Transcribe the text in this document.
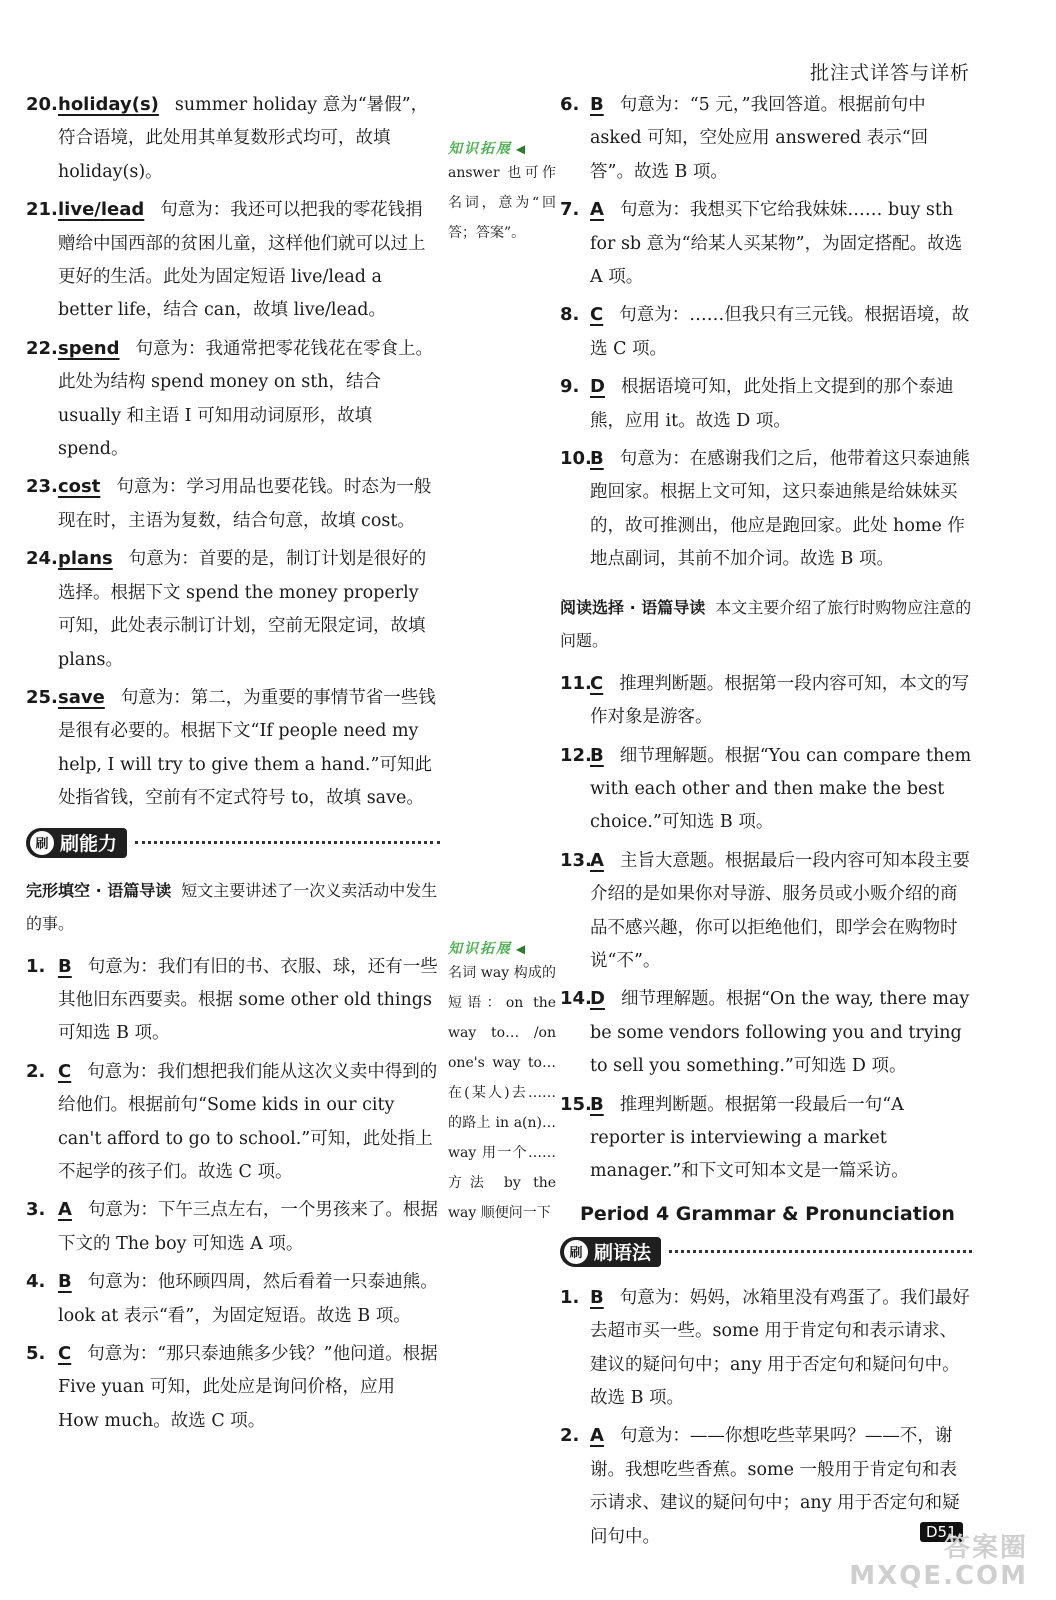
批注式详答与详析
20. holiday(s) summer holiday 意为“暑假”，符合语境，此处用其单复数形式均可，故填 holiday(s)。
21. live/lead 句意为：我还可以把我的零花钱捐赠给中国西部的贫困儿童，这样他们就可以过上更好的生活。此处为固定短语 live/lead a better life，结合 can，故填 live/lead。
22. spend 句意为：我通常把零花钱花在零食上。此处为结构 spend money on sth，结合 usually 和主语 I 可知用动词原形，故填 spend。
23. cost 句意为：学习用品也要花钱。时态为一般现在时，主语为复数，结合句意，故填 cost。
24. plans 句意为：首要的是，制订计划是很好的选择。根据下文 spend the money properly 可知，此处表示制订计划，空前无限定词，故填 plans。
25. save 句意为：第二，为重要的事情节省一些钱是很有必要的。根据下文“If people need my help, I will try to give them a hand.”可知此处指省钱，空前有不定式符号 to，故填 save。
刷 刷能力
完形填空 · 语篇导读 短文主要讲述了一次义卖活动中发生的事。
1. B 句意为：我们有旧的书、衣服、球，还有一些其他旧东西要卖。根据 some other old things 可知选 B 项。
2. C 句意为：我们想把我们能从这次义卖中得到的给他们。根据前句“Some kids in our city can't afford to go to school.”可知，此处指上不起学的孩子们。故选 C 项。
3. A 句意为：下午三点左右，一个男孩来了。根据下文的 The boy 可知选 A 项。
4. B 句意为：他环顾四周，然后看着一只泰迪熊。look at 表示“看”，为固定短语。故选 B 项。
5. C 句意为：“那只泰迪熊多少钱？”他问道。根据 Five yuan 可知，此处应是询问价格，应用 How much。故选 C 项。
知识拓展 ◀
answer 也可作名词，意为“回答；答案”。
知识拓展 ◀
名词 way 构成的短语：on the way to… /on one's way to… 在(某人)去……的路上 in a(n)… way 用一个……方法 by the way 顺便问一下
6. B 句意为：“5 元，”我回答道。根据前句中 asked 可知，空处应用 answered 表示“回答”。故选 B 项。
7. A 句意为：我想买下它给我妹妹…… buy sth for sb 意为“给某人买某物”，为固定搭配。故选 A 项。
8. C 句意为：……但我只有三元钱。根据语境，故选 C 项。
9. D 根据语境可知，此处指上文提到的那个泰迪熊，应用 it。故选 D 项。
10.
B 句意为：在感谢我们之后，他带着这只泰迪熊跑回家。根据上文可知，这只泰迪熊是给妹妹买的，故可推测出，他应是跑回家。此处 home 作地点副词，其前不加介词。故选 B 项。
阅读选择 · 语篇导读 本文主要介绍了旅行时购物应注意的问题。
11.
C 推理判断题。根据第一段内容可知，本文的写作对象是游客。
12.
B 细节理解题。根据“You can compare them with each other and then make the best choice.”可知选 B 项。
13.
A 主旨大意题。根据最后一段内容可知本段主要介绍的是如果你对导游、服务员或小贩介绍的商品不感兴趣，你可以拒绝他们，即学会在购物时说“不”。
14.
D 细节理解题。根据“On the way, there may be some vendors following you and trying to sell you something.”可知选 D 项。
15.
B 推理判断题。根据第一段最后一句“A reporter is interviewing a market manager.”和下文可知本文是一篇采访。
Period 4 Grammar & Pronunciation
刷 刷语法
1. B 句意为：妈妈，冰箱里没有鸡蛋了。我们最好去超市买一些。some 用于肯定句和表示请求、建议的疑问句中；any 用于否定句和疑问句中。故选 B 项。
2. A 句意为：——你想吃些苹果吗？——不，谢谢。我想吃些香蕉。some 一般用于肯定句和表示请求、建议的疑问句中；any 用于否定句和疑问句中。	D51
答案圈
MXQE.COM
